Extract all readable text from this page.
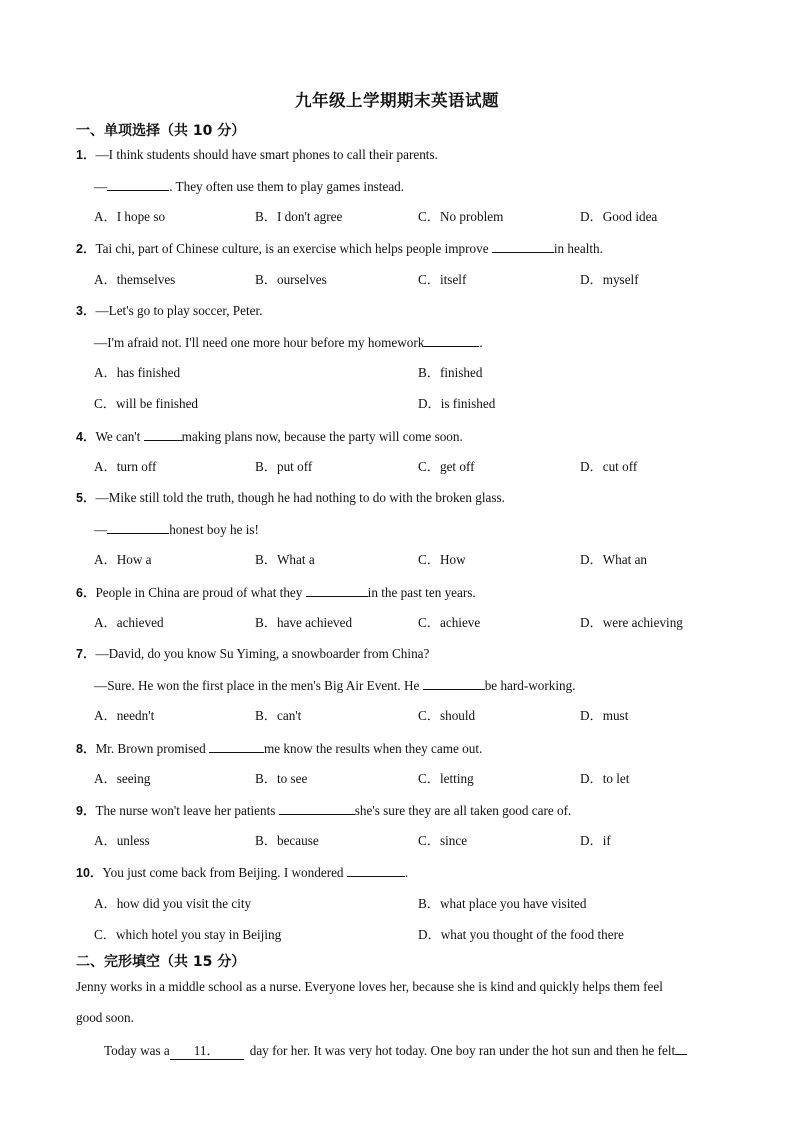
九年级上学期期末英语试题
一、单项选择（共 10 分）
1．—I think students should have smart phones to call their parents.
—	. They often use them to play games instead.
A．I hope so	B．I don't agree	C．No problem	D．Good idea
2．Tai chi, part of Chinese culture, is an exercise which helps people improve	in health.
A．themselves	B．ourselves	C．itself	D．myself
3．—Let's go to play soccer, Peter.
—I'm afraid not. I'll need one more hour before my homework	.
A．has finished	B．finished
C．will be finished	D．is finished
4．We can't	making plans now, because the party will come soon.
A．turn off	B．put off	C．get off	D．cut off
5．—Mike still told the truth, though he had nothing to do with the broken glass.
—	honest boy he is!
A．How a	B．What a	C．How	D．What an
6．People in China are proud of what they	in the past ten years.
A．achieved	B．have achieved	C．achieve	D．were achieving
7．—David, do you know Su Yiming, a snowboarder from China?
—Sure. He won the first place in the men's Big Air Event. He	be hard-working.
A．needn't	B．can't	C．should	D．must
8．Mr. Brown promised	me know the results when they came out.
A．seeing	B．to see	C．letting	D．to let
9．The nurse won't leave her patients	she's sure they are all taken good care of.
A．unless	B．because	C．since	D．if
10．You just come back from Beijing. I wondered	.
A．how did you visit the city	B．what place you have visited
C．which hotel you stay in Beijing	D．what you thought of the food there
二、完形填空（共 15 分）
Jenny works in a middle school as a nurse. Everyone loves her, because she is kind and quickly helps them feel
good soon.
Today was a 11． day for her. It was very hot today. One boy ran under the hot sun and then he felt
